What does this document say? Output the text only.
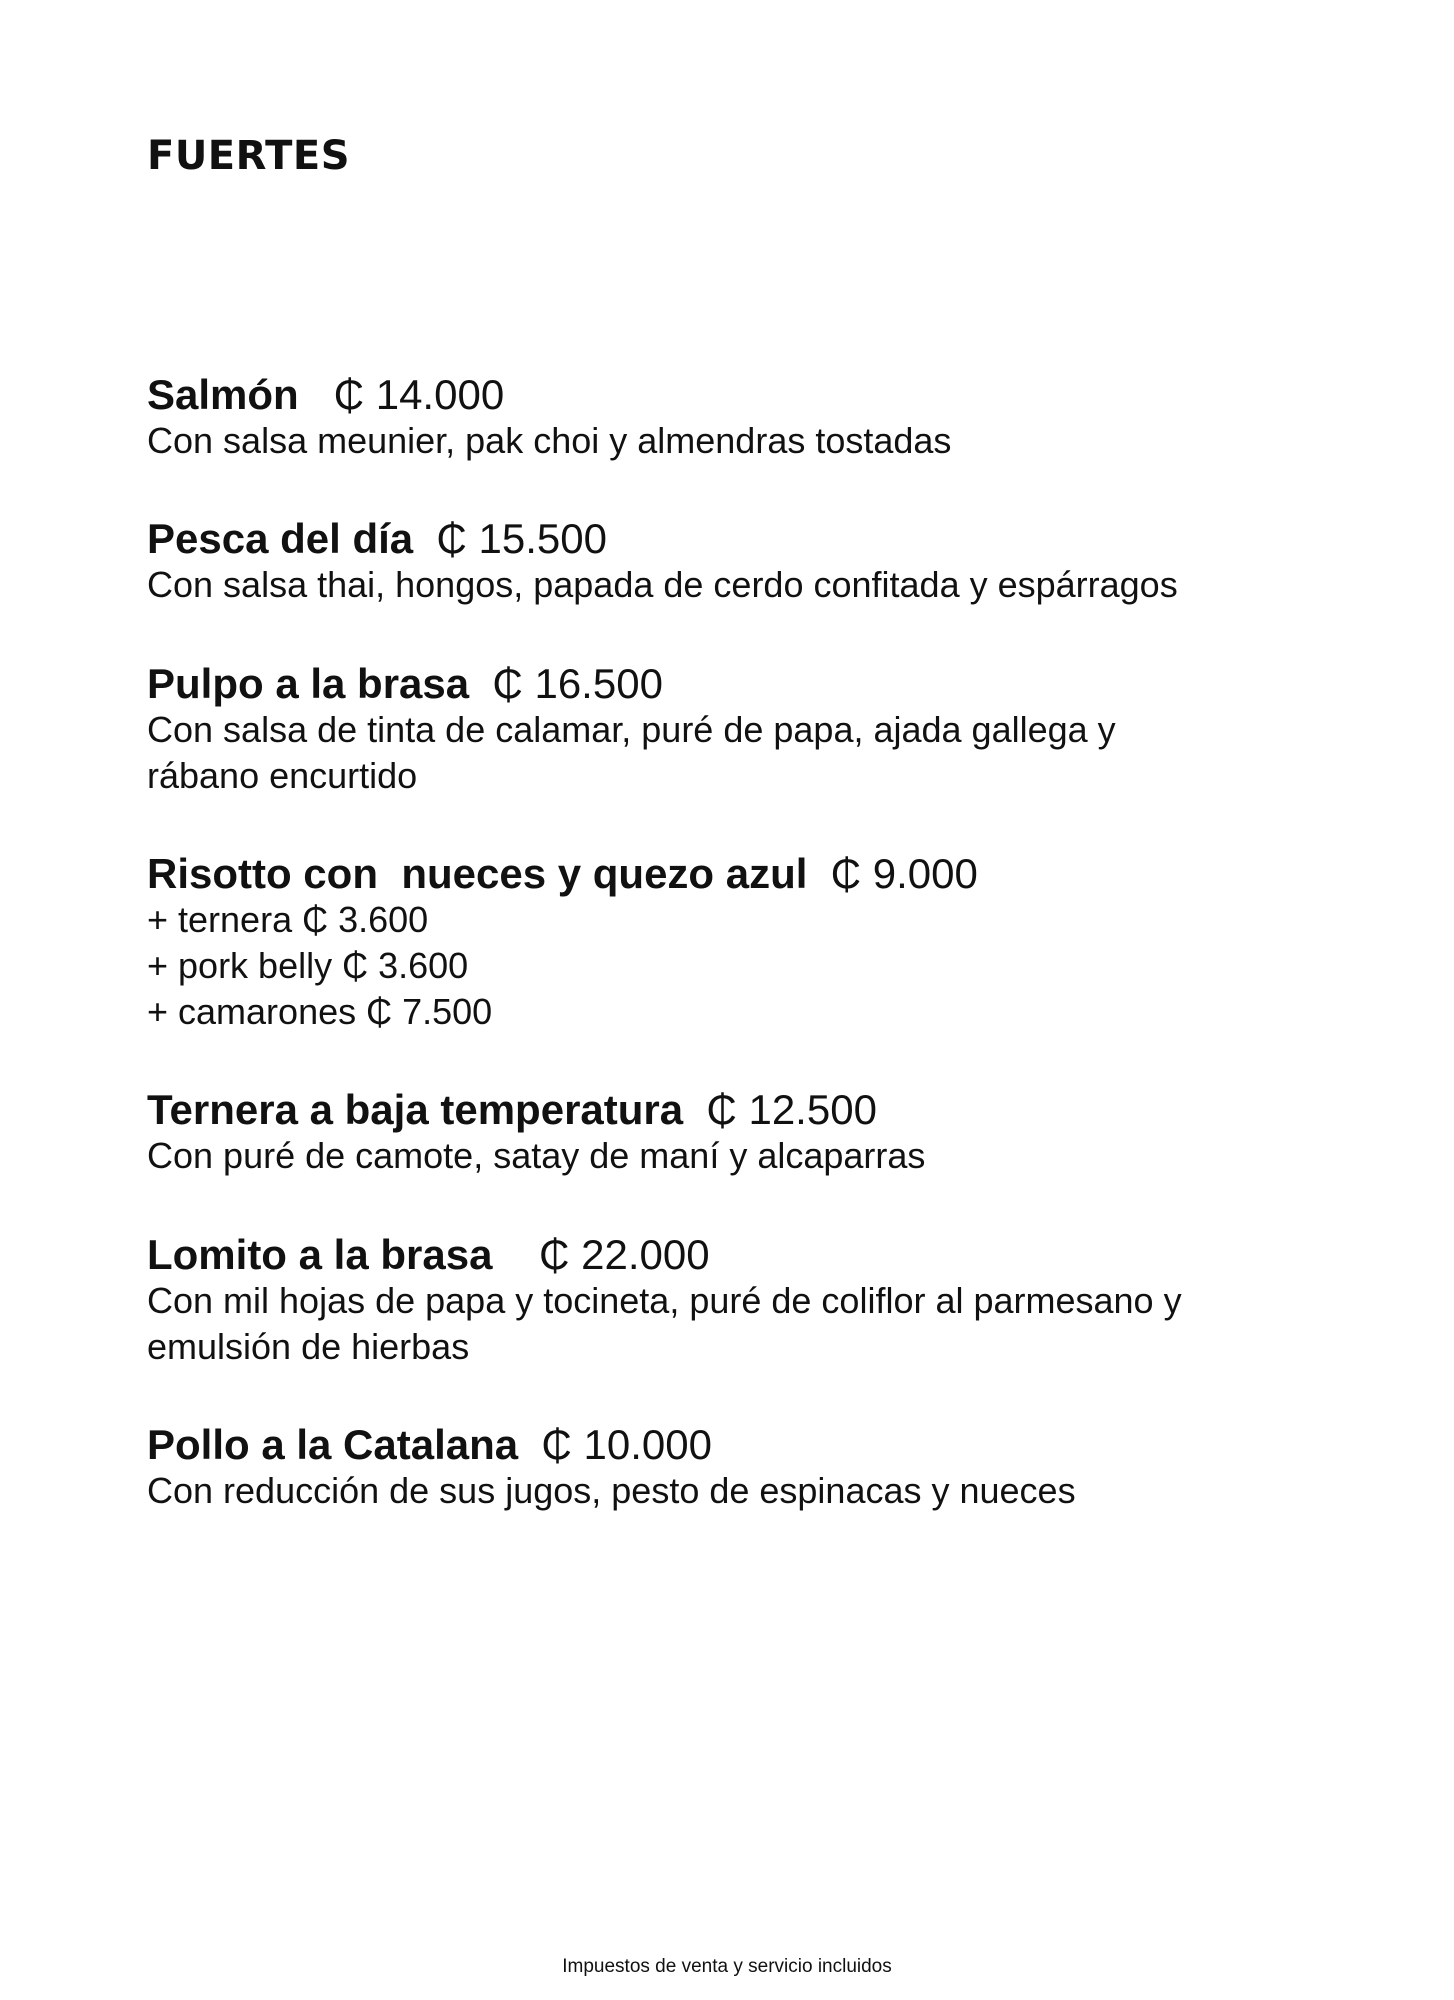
FUERTES
Salmón ₵ 14.000
Con salsa meunier, pak choi y almendras tostadas
Pesca del día ₵ 15.500
Con salsa thai, hongos, papada de cerdo confitada y espárragos
Pulpo a la brasa ₵ 16.500
Con salsa de tinta de calamar, puré de papa, ajada gallega y
rábano encurtido
Risotto con  nueces y quezo azul ₵ 9.000
+ ternera ₵ 3.600
+ pork belly ₵ 3.600
+ camarones ₵ 7.500
Ternera a baja temperatura ₵ 12.500
Con puré de camote, satay de maní y alcaparras
Lomito a la brasa ₵ 22.000
Con mil hojas de papa y tocineta, puré de coliflor al parmesano y
emulsión de hierbas
Pollo a la Catalana ₵ 10.000
Con reducción de sus jugos, pesto de espinacas y nueces
Impuestos de venta y servicio incluidos
